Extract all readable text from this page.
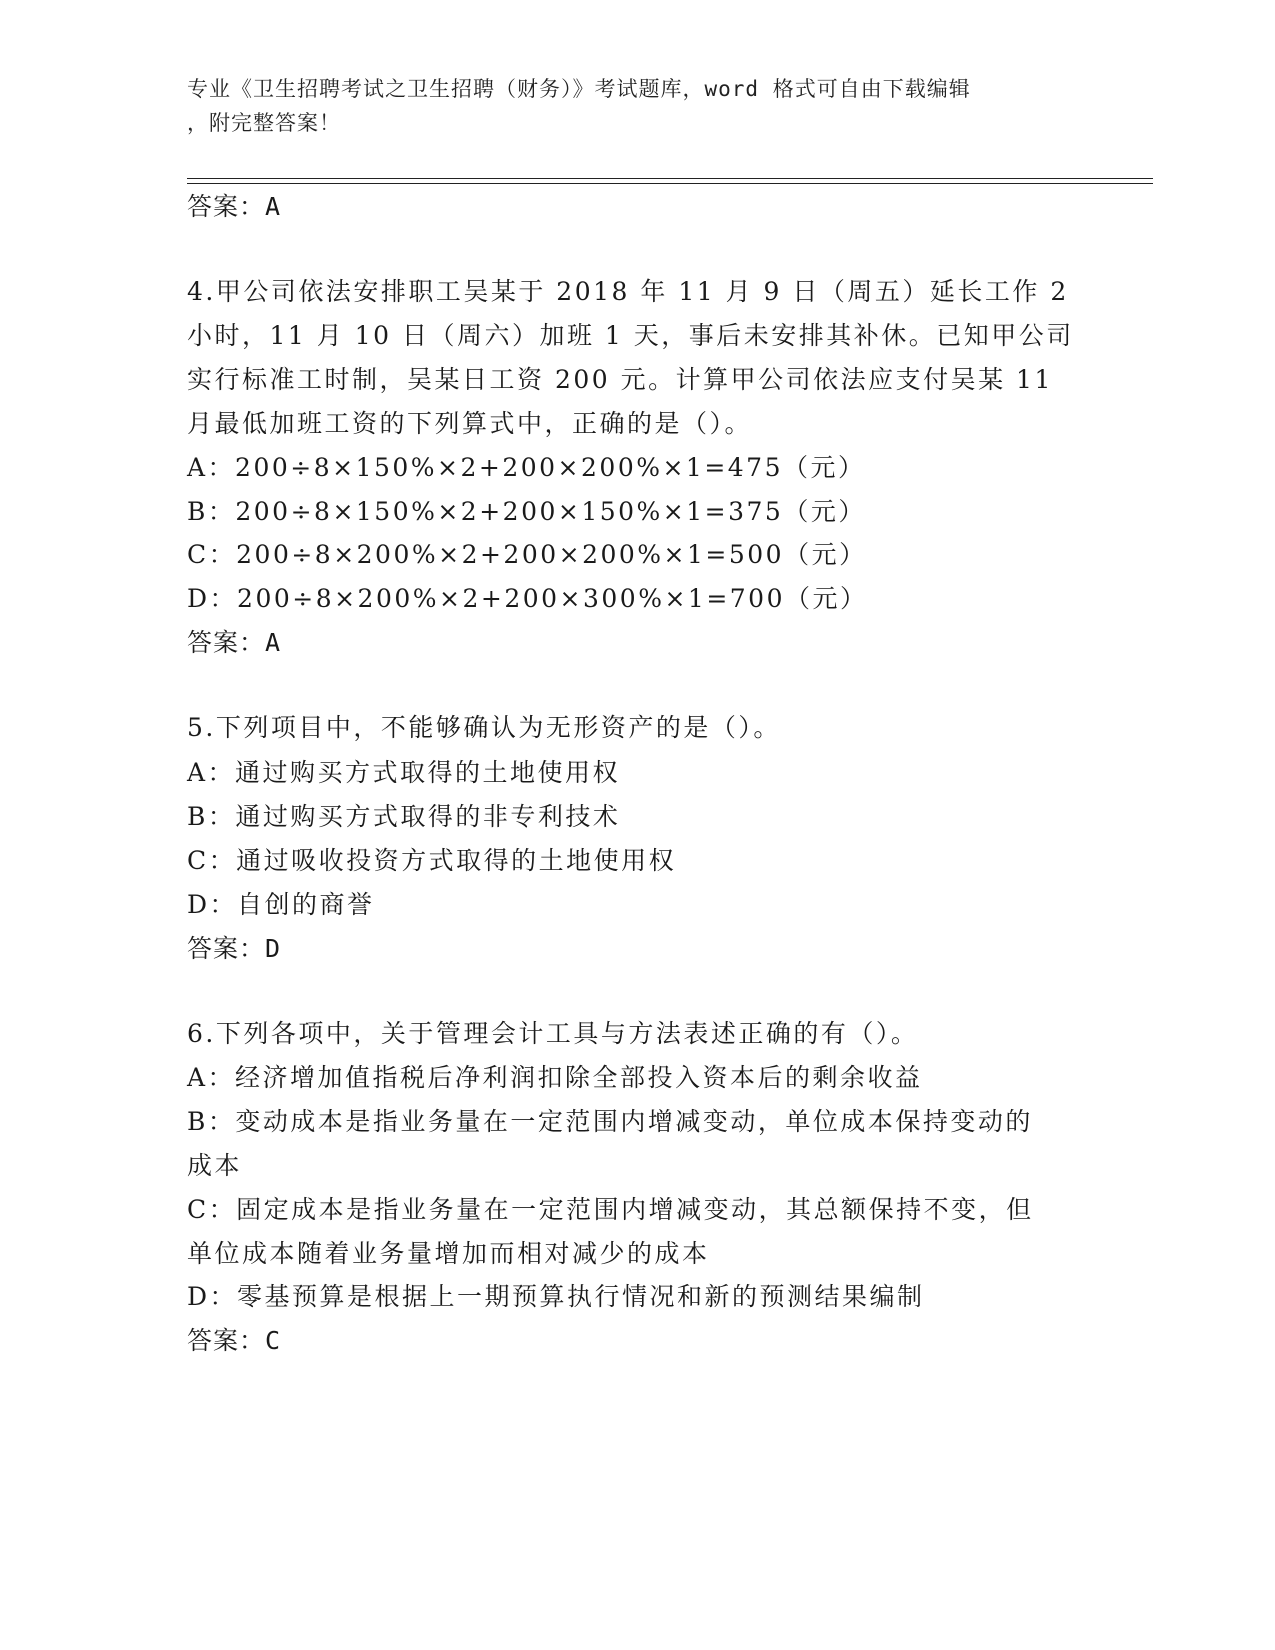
专业《卫生招聘考试之卫生招聘（财务）》考试题库，word 格式可自由下载编辑
，附完整答案！
答案：A
4.甲公司依法安排职工吴某于 2018 年 11 月 9 日（周五）延长工作 2
小时，11 月 10 日（周六）加班 1 天，事后未安排其补休。已知甲公司
实行标准工时制，吴某日工资 200 元。计算甲公司依法应支付吴某 11
月最低加班工资的下列算式中，正确的是（）。
A：200÷8×150%×2+200×200%×1=475（元）
B：200÷8×150%×2+200×150%×1=375（元）
C：200÷8×200%×2+200×200%×1=500（元）
D：200÷8×200%×2+200×300%×1=700（元）
答案：A
5.下列项目中，不能够确认为无形资产的是（）。
A：通过购买方式取得的土地使用权
B：通过购买方式取得的非专利技术
C：通过吸收投资方式取得的土地使用权
D：自创的商誉
答案：D
6.下列各项中，关于管理会计工具与方法表述正确的有（）。
A：经济增加值指税后净利润扣除全部投入资本后的剩余收益
B：变动成本是指业务量在一定范围内增减变动，单位成本保持变动的
成本
C：固定成本是指业务量在一定范围内增减变动，其总额保持不变，但
单位成本随着业务量增加而相对减少的成本
D：零基预算是根据上一期预算执行情况和新的预测结果编制
答案：C
